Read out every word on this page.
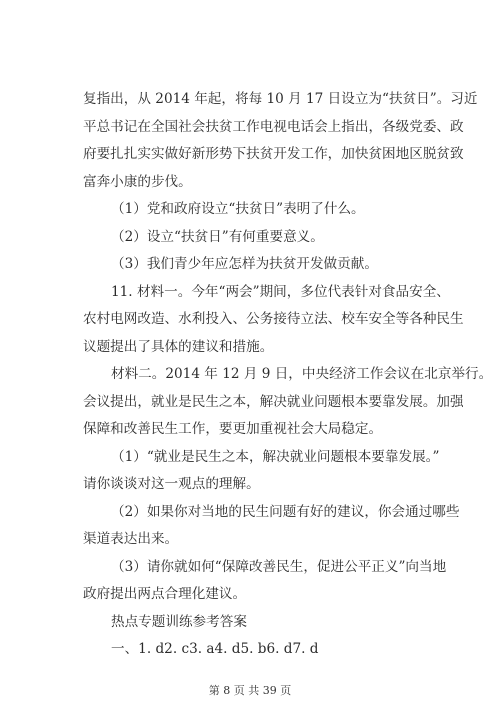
复指出，从 2014 年起，将每 10 月 17 日设立为“扶贫日”。习近
平总书记在全国社会扶贫工作电视电话会上指出，各级党委、政
府要扎扎实实做好新形势下扶贫开发工作，加快贫困地区脱贫致
富奔小康的步伐。
（1）党和政府设立“扶贫日”表明了什么。
（2）设立“扶贫日”有何重要意义。
（3）我们青少年应怎样为扶贫开发做贡献。
11. 材料一。今年“两会”期间，多位代表针对食品安全、
农村电网改造、水利投入、公务接待立法、校车安全等各种民生
议题提出了具体的建议和措施。
材料二。2014 年 12 月 9 日，中央经济工作会议在北京举行。
会议提出，就业是民生之本，解决就业问题根本要靠发展。加强
保障和改善民生工作，要更加重视社会大局稳定。
（1）“就业是民生之本，解决就业问题根本要靠发展。”
请你谈谈对这一观点的理解。
（2）如果你对当地的民生问题有好的建议，你会通过哪些
渠道表达出来。
（3）请你就如何“保障改善民生，促进公平正义”向当地
政府提出两点合理化建议。
热点专题训练参考答案
一、1. d2. c3. a4. d5. b6. d7. d
第 8 页 共 39 页
